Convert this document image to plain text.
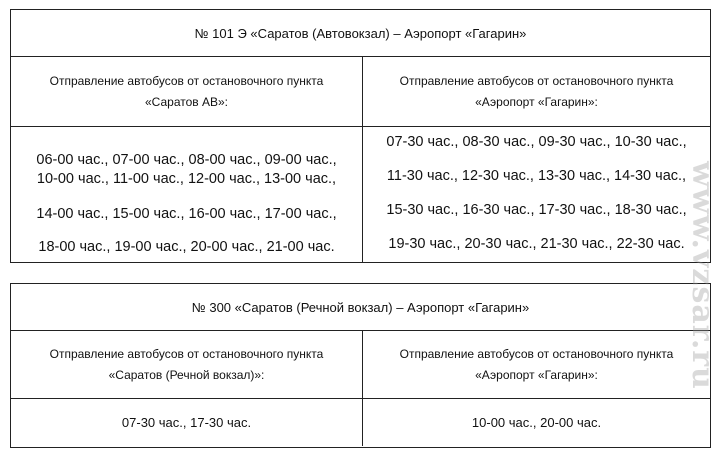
№ 101 Э «Саратов (Автовокзал) – Аэропорт «Гагарин»
Отправление автобусов от остановочного пункта
«Саратов АВ»:
Отправление автобусов от остановочного пункта
«Аэропорт «Гагарин»:
06-00 час., 07-00 час., 08-00 час., 09-00 час.,
10-00 час., 11-00 час., 12-00 час., 13-00 час.,
14-00 час., 15-00 час., 16-00 час., 17-00 час.,
18-00 час., 19-00 час., 20-00 час., 21-00 час.
07-30 час., 08-30 час., 09-30 час., 10-30 час.,
11-30 час., 12-30 час., 13-30 час., 14-30 час.,
15-30 час., 16-30 час., 17-30 час., 18-30 час.,
19-30 час., 20-30 час., 21-30 час., 22-30 час.
№ 300 «Саратов (Речной вокзал) – Аэропорт «Гагарин»
Отправление автобусов от остановочного пункта
«Саратов (Речной вокзал)»:
Отправление автобусов от остановочного пункта
«Аэропорт «Гагарин»:
07-30 час., 17-30 час.	10-00 час., 20-00 час.
www.vzsar.ru
